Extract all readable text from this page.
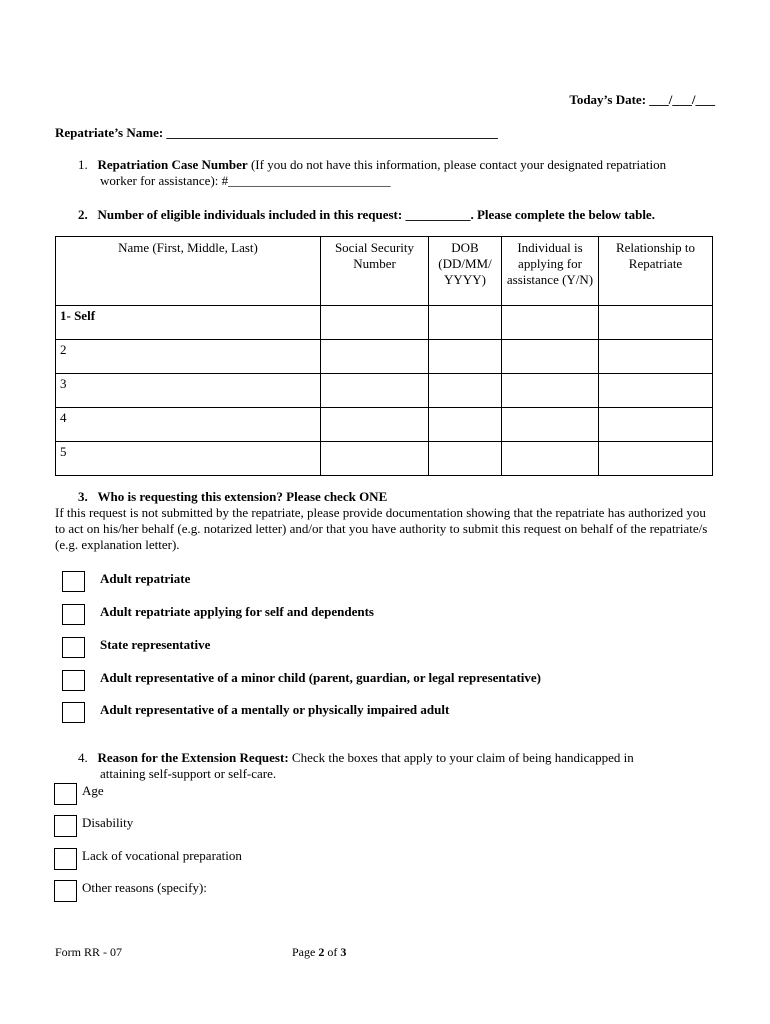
Today’s Date: ___/___/___
Repatriate’s Name: ___________________________________________________
1. Repatriation Case Number (If you do not have this information, please contact your designated repatriation
worker for assistance): #_________________________
2. Number of eligible individuals included in this request: __________. Please complete the below table.
Name (First, Middle, Last)	Social Security Number	DOB (DD/MM/ YYYY)	Individual is applying for assistance (Y/N)	Relationship to Repatriate
1- Self				
2				
3				
4				
5				
3. Who is requesting this extension? Please check ONE
If this request is not submitted by the repatriate, please provide documentation showing that the repatriate has authorized you to act on his/her behalf (e.g. notarized letter) and/or that you have authority to submit this request on behalf of the repatriate/s (e.g. explanation letter).
Adult repatriate
Adult repatriate applying for self and dependents
State representative
Adult representative of a minor child (parent, guardian, or legal representative)
Adult representative of a mentally or physically impaired adult
4. Reason for the Extension Request: Check the boxes that apply to your claim of being handicapped in
attaining self-support or self-care.
Age
Disability
Lack of vocational preparation
Other reasons (specify):
Form RR - 07	Page 2 of 3
